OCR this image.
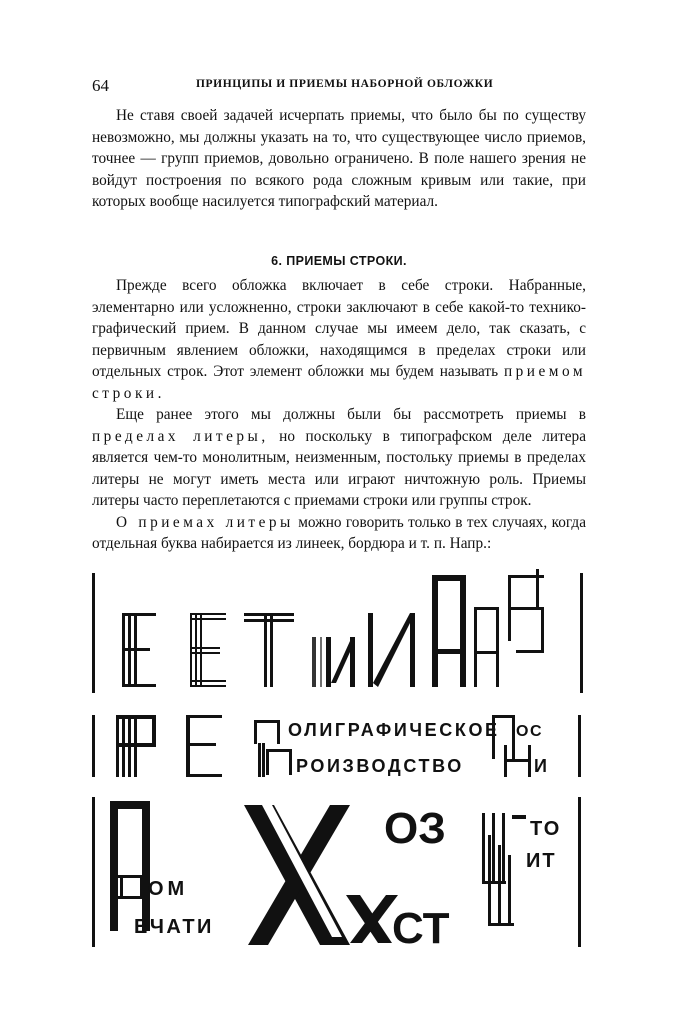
64	ПРИНЦИПЫ И ПРИЕМЫ НАБОРНОЙ ОБЛОЖКИ

Не ставя своей задачей исчерпать приемы, что было бы по существу невозможно, мы должны указать на то, что существующее число приемов, точнее — групп приемов, довольно ограничено. В поле нашего зрения не войдут построения по всякого рода сложным кривым или такие, при которых вообще насилуется типографский материал.

6. ПРИЕМЫ СТРОКИ.

Прежде всего обложка включает в себе строки. Набранные, элементарно или усложненно, строки заключают в себе какой-то технико-графический прием. В данном случае мы имеем дело, так сказать, с первичным явлением обложки, находящимся в пределах строки или отдельных строк. Этот элемент обложки мы будем называть приемом строки.

Еще ранее этого мы должны были бы рассмотреть приемы в пределах литеры, но поскольку в типографском деле литера является чем-то монолитным, неизменным, постольку приемы в пределах литеры не могут иметь места или играют ничтожную роль. Приемы литеры часто переплетаются с приемами строки или группы строк.

О приемах литеры можно говорить только в тех случаях, когда отдельная буква набирается из линеек, бордюра и т. п. Напр.:

ОЛИГРАФИЧЕСКОЕ
РОИЗВОДСТВО
ОС
И
ОМ
ЕЧАТИ
ОЗ
СТ
ТО
ИТ
